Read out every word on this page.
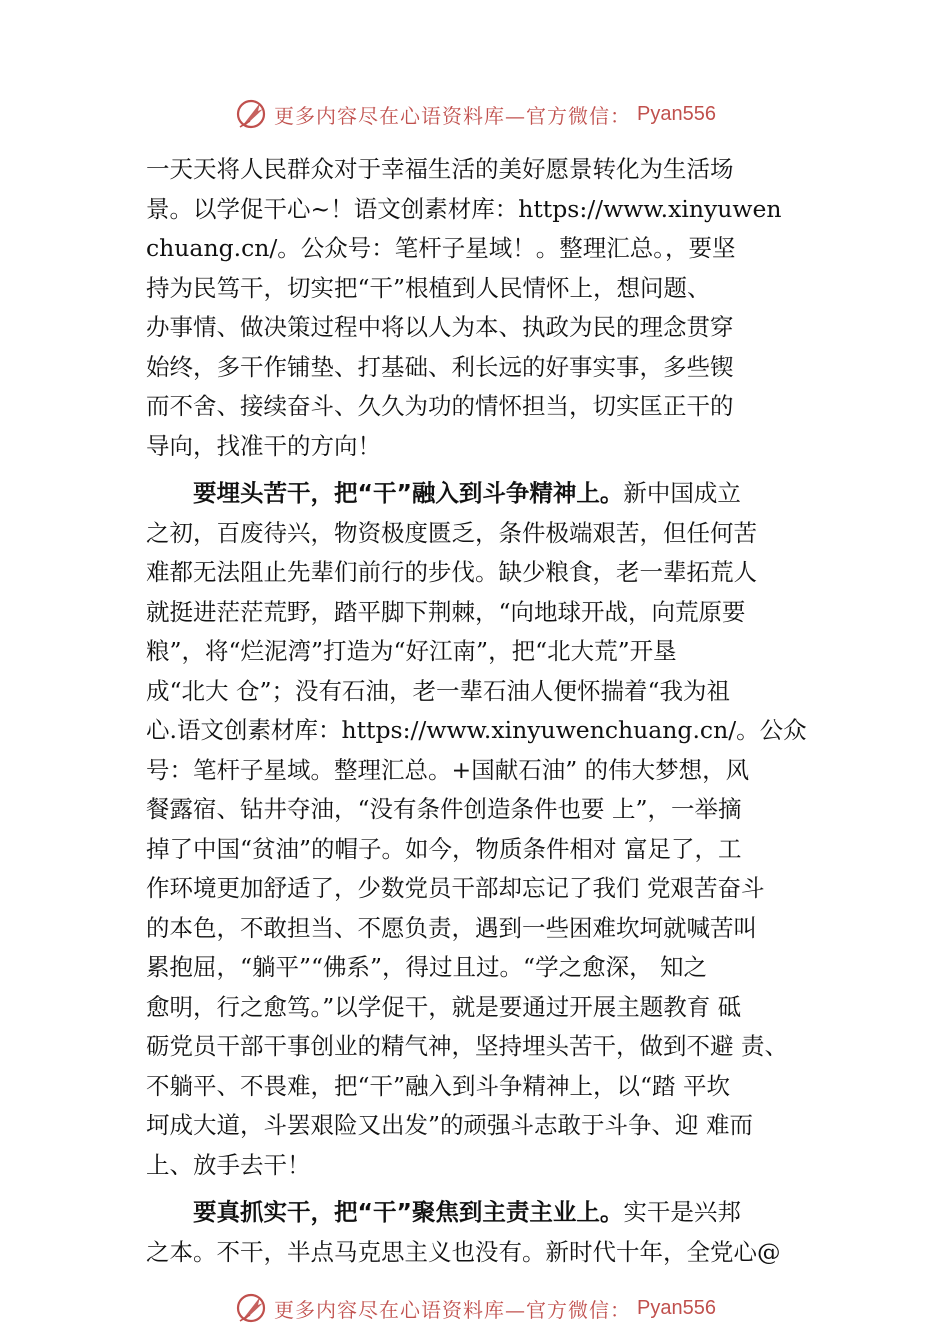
更多内容尽在心语资料库—官方微信： Pyan556
一天天将人民群众对于幸福生活的美好愿景转化为生活场
景。以学促干心~！语文创素材库：https://www.xinyuwen
chuang.cn/。公众号：笔杆子星域！。整理汇总。，要坚
持为民笃干，切实把“干”根植到人民情怀上，想问题、
办事情、做决策过程中将以人为本、执政为民的理念贯穿
始终，多干作铺垫、打基础、利长远的好事实事，多些锲
而不舍、接续奋斗、久久为功的情怀担当，切实匡正干的
导向，找准干的方向！
要埋头苦干，把“干”融入到斗争精神上。新中国成立
之初，百废待兴，物资极度匮乏，条件极端艰苦，但任何苦
难都无法阻止先辈们前行的步伐。缺少粮食，老一辈拓荒人
就挺进茫茫荒野，踏平脚下荆棘，“向地球开战，向荒原要
粮”，将“烂泥湾”打造为“好江南”，把“北大荒”开垦
成“北大 仓”；没有石油，老一辈石油人便怀揣着“我为祖
心.语文创素材库：https://www.xinyuwenchuang.cn/。公众
号：笔杆子星域。整理汇总。+国献石油” 的伟大梦想，风
餐露宿、钻井夺油，“没有条件创造条件也要 上”，一举摘
掉了中国“贫油”的帽子。如今，物质条件相对 富足了，工
作环境更加舒适了，少数党员干部却忘记了我们 党艰苦奋斗
的本色，不敢担当、不愿负责，遇到一些困难坎坷就喊苦叫
累抱屈，“躺平”“佛系”，得过且过。“学之愈深， 知之
愈明，行之愈笃。”以学促干，就是要通过开展主题教育 砥
砺党员干部干事创业的精气神，坚持埋头苦干，做到不避 责、
不躺平、不畏难，把“干”融入到斗争精神上，以“踏 平坎
坷成大道，斗罢艰险又出发”的顽强斗志敢于斗争、迎 难而
上、放手去干！
要真抓实干，把“干”聚焦到主责主业上。实干是兴邦
之本。不干，半点马克思主义也没有。新时代十年，全党心@
更多内容尽在心语资料库—官方微信： Pyan556
